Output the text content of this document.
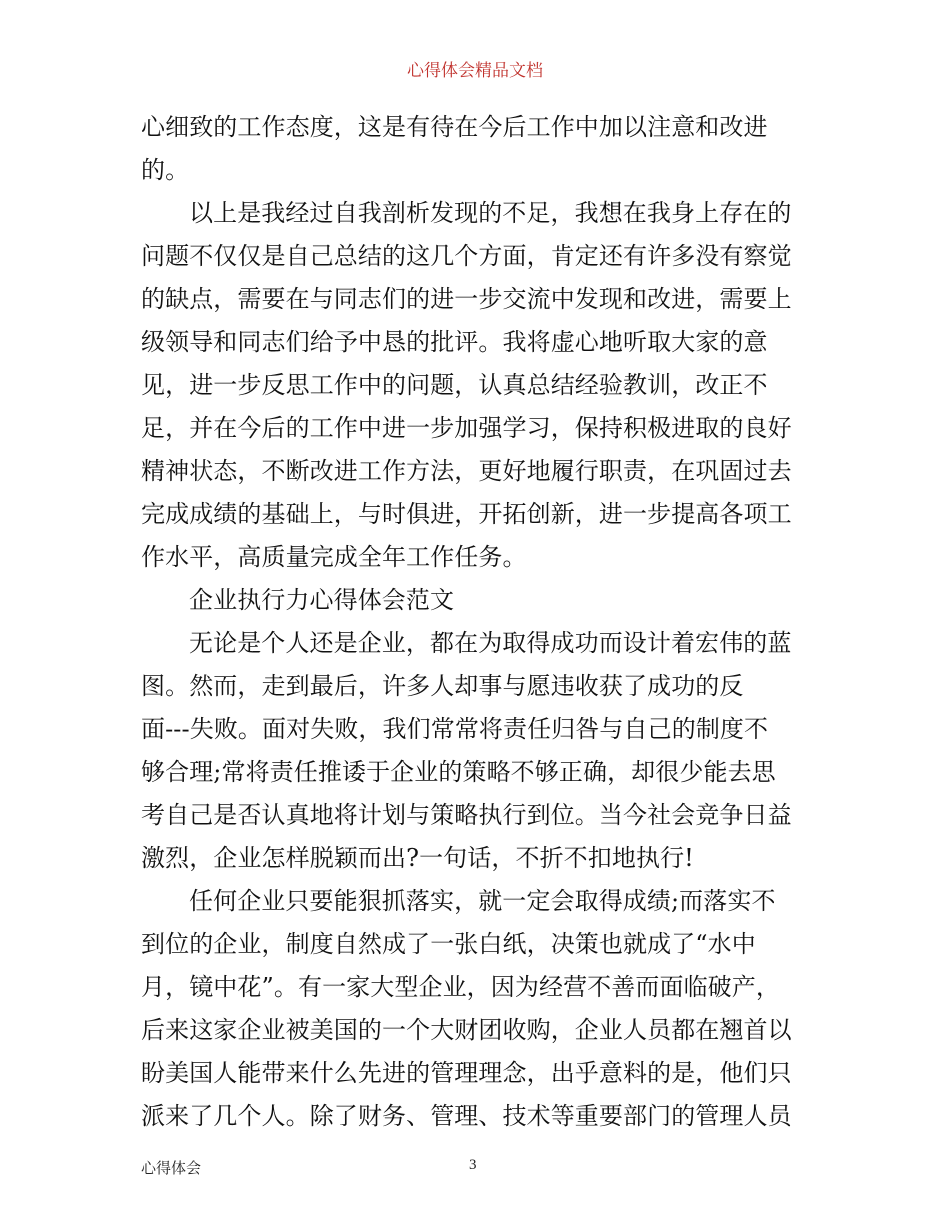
心得体会精品文档
心细致的工作态度，这是有待在今后工作中加以注意和改进
的。
以上是我经过自我剖析发现的不足，我想在我身上存在的
问题不仅仅是自己总结的这几个方面，肯定还有许多没有察觉
的缺点，需要在与同志们的进一步交流中发现和改进，需要上
级领导和同志们给予中恳的批评。我将虚心地听取大家的意
见，进一步反思工作中的问题，认真总结经验教训，改正不
足，并在今后的工作中进一步加强学习，保持积极进取的良好
精神状态，不断改进工作方法，更好地履行职责，在巩固过去
完成成绩的基础上，与时俱进，开拓创新，进一步提高各项工
作水平，高质量完成全年工作任务。
企业执行力心得体会范文
无论是个人还是企业，都在为取得成功而设计着宏伟的蓝
图。然而，走到最后，许多人却事与愿违收获了成功的反
面---失败。面对失败，我们常常将责任归咎与自己的制度不
够合理;常将责任推诿于企业的策略不够正确，却很少能去思
考自己是否认真地将计划与策略执行到位。当今社会竞争日益
激烈，企业怎样脱颖而出?一句话，不折不扣地执行!
任何企业只要能狠抓落实，就一定会取得成绩;而落实不
到位的企业，制度自然成了一张白纸，决策也就成了“水中
月，镜中花”。有一家大型企业，因为经营不善而面临破产，
后来这家企业被美国的一个大财团收购，企业人员都在翘首以
盼美国人能带来什么先进的管理理念，出乎意料的是，他们只
派来了几个人。除了财务、管理、技术等重要部门的管理人员
心得体会	3
